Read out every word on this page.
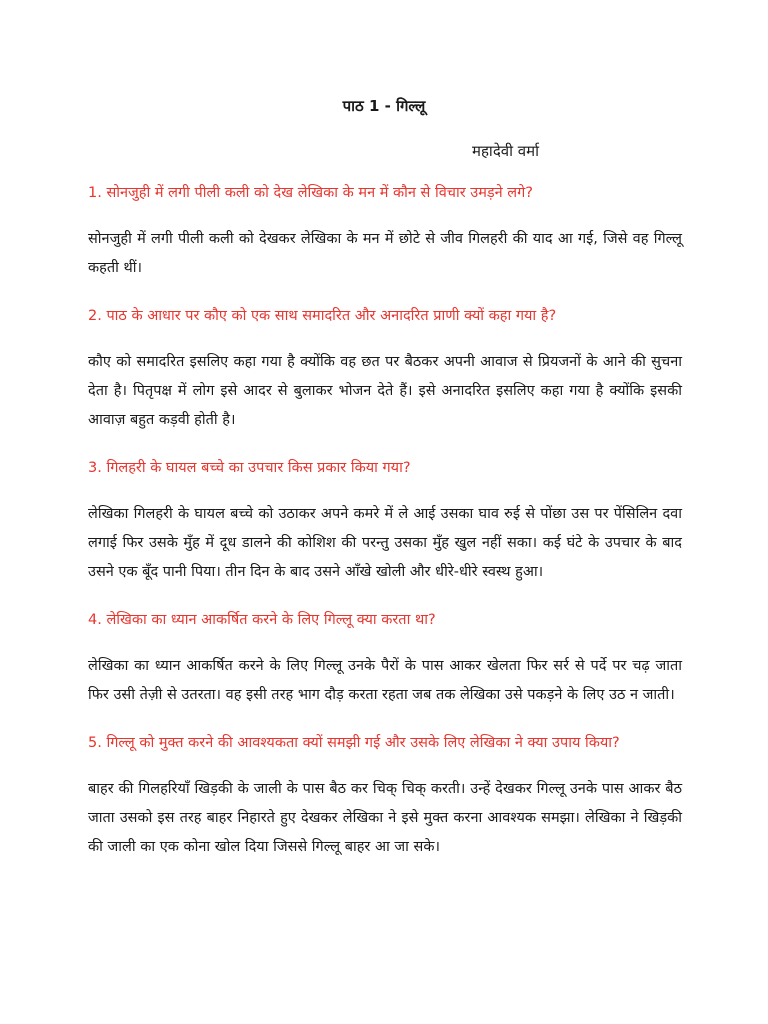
पाठ 1 - गिल्लू

महादेवी वर्मा

1. सोनजुही में लगी पीली कली को देख लेखिका के मन में कौन से विचार उमड़ने लगे?

सोनजुही में लगी पीली कली को देखकर लेखिका के मन में छोटे से जीव गिलहरी की याद आ गई, जिसे वह गिल्लू कहती थीं।

2. पाठ के आधार पर कौए को एक साथ समादरित और अनादरित प्राणी क्यों कहा गया है?

कौए को समादरित इसलिए कहा गया है क्योंकि वह छत पर बैठकर अपनी आवाज से प्रियजनों के आने की सुचना देता है। पितृपक्ष में लोग इसे आदर से बुलाकर भोजन देते हैं। इसे अनादरित इसलिए कहा गया है क्योंकि इसकी आवाज़ बहुत कड़वी होती है।

3. गिलहरी के घायल बच्चे का उपचार किस प्रकार किया गया?

लेखिका गिलहरी के घायल बच्चे को उठाकर अपने कमरे में ले आई उसका घाव रुई से पोंछा उस पर पेंसिलिन दवा लगाई फिर उसके मुँह में दूध डालने की कोशिश की परन्तु उसका मुँह खुल नहीं सका। कई घंटे के उपचार के बाद उसने एक बूँद पानी पिया। तीन दिन के बाद उसने आँखे खोली और धीरे-धीरे स्वस्थ हुआ।

4. लेखिका का ध्यान आकर्षित करने के लिए गिल्लू क्या करता था?

लेखिका का ध्यान आकर्षित करने के लिए गिल्लू उनके पैरों के पास आकर खेलता फिर सर्र से पर्दे पर चढ़ जाता फिर उसी तेज़ी से उतरता। वह इसी तरह भाग दौड़ करता रहता जब तक लेखिका उसे पकड़ने के लिए उठ न जाती।

5. गिल्लू को मुक्त करने की आवश्यकता क्यों समझी गई और उसके लिए लेखिका ने क्या उपाय किया?

बाहर की गिलहरियाँ खिड़की के जाली के पास बैठ कर चिक् चिक् करती। उन्हें देखकर गिल्लू उनके पास आकर बैठ जाता उसको इस तरह बाहर निहारते हुए देखकर लेखिका ने इसे मुक्त करना आवश्यक समझा। लेखिका ने खिड़की की जाली का एक कोना खोल दिया जिससे गिल्लू बाहर आ जा सके।
